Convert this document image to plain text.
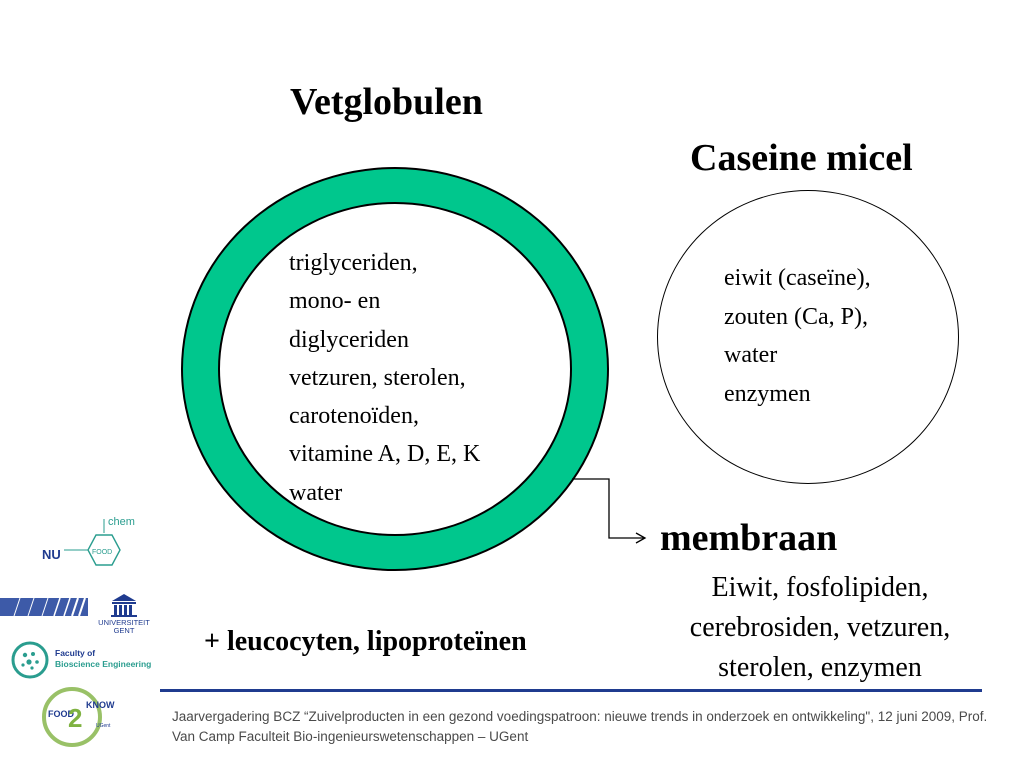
Vetglobulen
Caseine micel
triglyceriden,
mono- en
diglyceriden
vetzuren, sterolen,
carotenoïden,
vitamine A, D, E, K
water
eiwit (caseïne),
zouten (Ca, P),
water
enzymen
membraan
Eiwit, fosfolipiden,
cerebrosiden, vetzuren,
sterolen, enzymen
+ leucocyten, lipoproteïnen
Jaarvergadering BCZ “Zuivelproducten in een gezond voedingspatroon: nieuwe trends in onderzoek en ontwikkeling", 12 juni 2009, Prof. Van Camp Faculteit Bio-ingenieurswetenschappen – UGent
chem
FOOD
NU
UNIVERSITEIT
GENT
Faculty of
Bioscience Engineering
FOOD
2 KNOW
UGent
